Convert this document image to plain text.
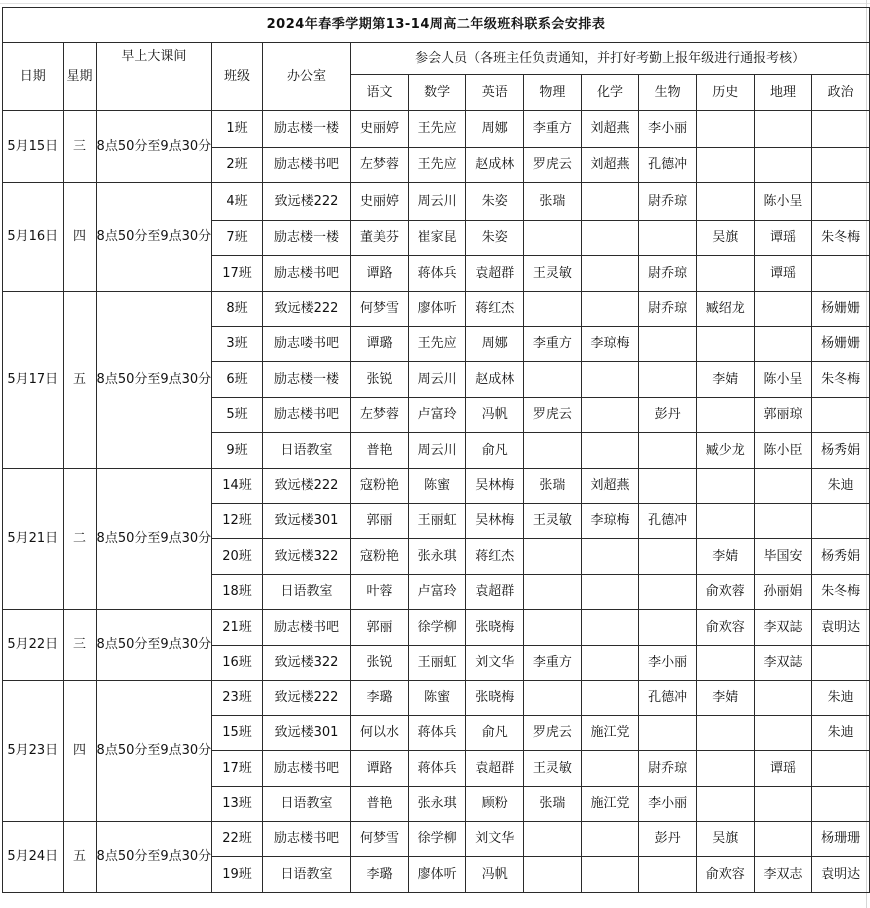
2024年春季学期第13-14周高二年级班科联系会安排表													
日期	星期	早上大课间	班级	办公室	参会人员（各班主任负责通知，并打好考勤上报年级进行通报考核）								
					语文	数学	英语	物理	化学	生物	历史	地理	政治
5月15日	三	8点50分至9点30分	1班	励志楼一楼	史丽婷	王先应	周娜	李重方	刘超燕	李小丽			
			2班	励志楼书吧	左梦蓉	王先应	赵成林	罗虎云	刘超燕	孔德冲			
5月16日	四	8点50分至9点30分	4班	致远楼222	史丽婷	周云川	朱姿	张瑞		尉乔琼		陈小呈	
			7班	励志楼一楼	董美芬	崔家昆	朱姿				吴旗	谭瑶	朱冬梅
			17班	励志楼书吧	谭路	蒋体兵	袁超群	王灵敏		尉乔琼		谭瑶	
5月17日	五	8点50分至9点30分	8班	致远楼222	何梦雪	廖体听	蒋红杰			尉乔琼	臧绍龙		杨姗姗
			3班	励志喽书吧	谭璐	王先应	周娜	李重方	李琼梅				杨姗姗
			6班	励志楼一楼	张锐	周云川	赵成林				李婧	陈小呈	朱冬梅
			5班	励志楼书吧	左梦蓉	卢富玲	冯帆	罗虎云		彭丹		郭丽琼	
			9班	日语教室	普艳	周云川	俞凡				臧少龙	陈小臣	杨秀娟
5月21日	二	8点50分至9点30分	14班	致远楼222	寇粉艳	陈蜜	吴林梅	张瑞	刘超燕				朱迪
			12班	致远楼301	郭丽	王丽虹	吴林梅	王灵敏	李琼梅	孔德冲			
			20班	致远楼322	寇粉艳	张永琪	蒋红杰				李婧	毕国安	杨秀娟
			18班	日语教室	叶蓉	卢富玲	袁超群				俞欢蓉	孙丽娟	朱冬梅
5月22日	三	8点50分至9点30分	21班	励志楼书吧	郭丽	徐学柳	张晓梅				俞欢容	李双誌	袁明达
			16班	致远楼322	张锐	王丽虹	刘文华	李重方		李小丽		李双誌	
5月23日	四	8点50分至9点30分	23班	致远楼222	李璐	陈蜜	张晓梅			孔德冲	李婧		朱迪
			15班	致远楼301	何以水	蒋体兵	俞凡	罗虎云	施江党				朱迪
			17班	励志楼书吧	谭路	蒋体兵	袁超群	王灵敏		尉乔琼		谭瑶	
			13班	日语教室	普艳	张永琪	顾粉	张瑞	施江党	李小丽			
5月24日	五	8点50分至9点30分	22班	励志楼书吧	何梦雪	徐学柳	刘文华			彭丹	吴旗		杨珊珊
			19班	日语教室	李璐	廖体听	冯帆				俞欢容	李双志	袁明达
